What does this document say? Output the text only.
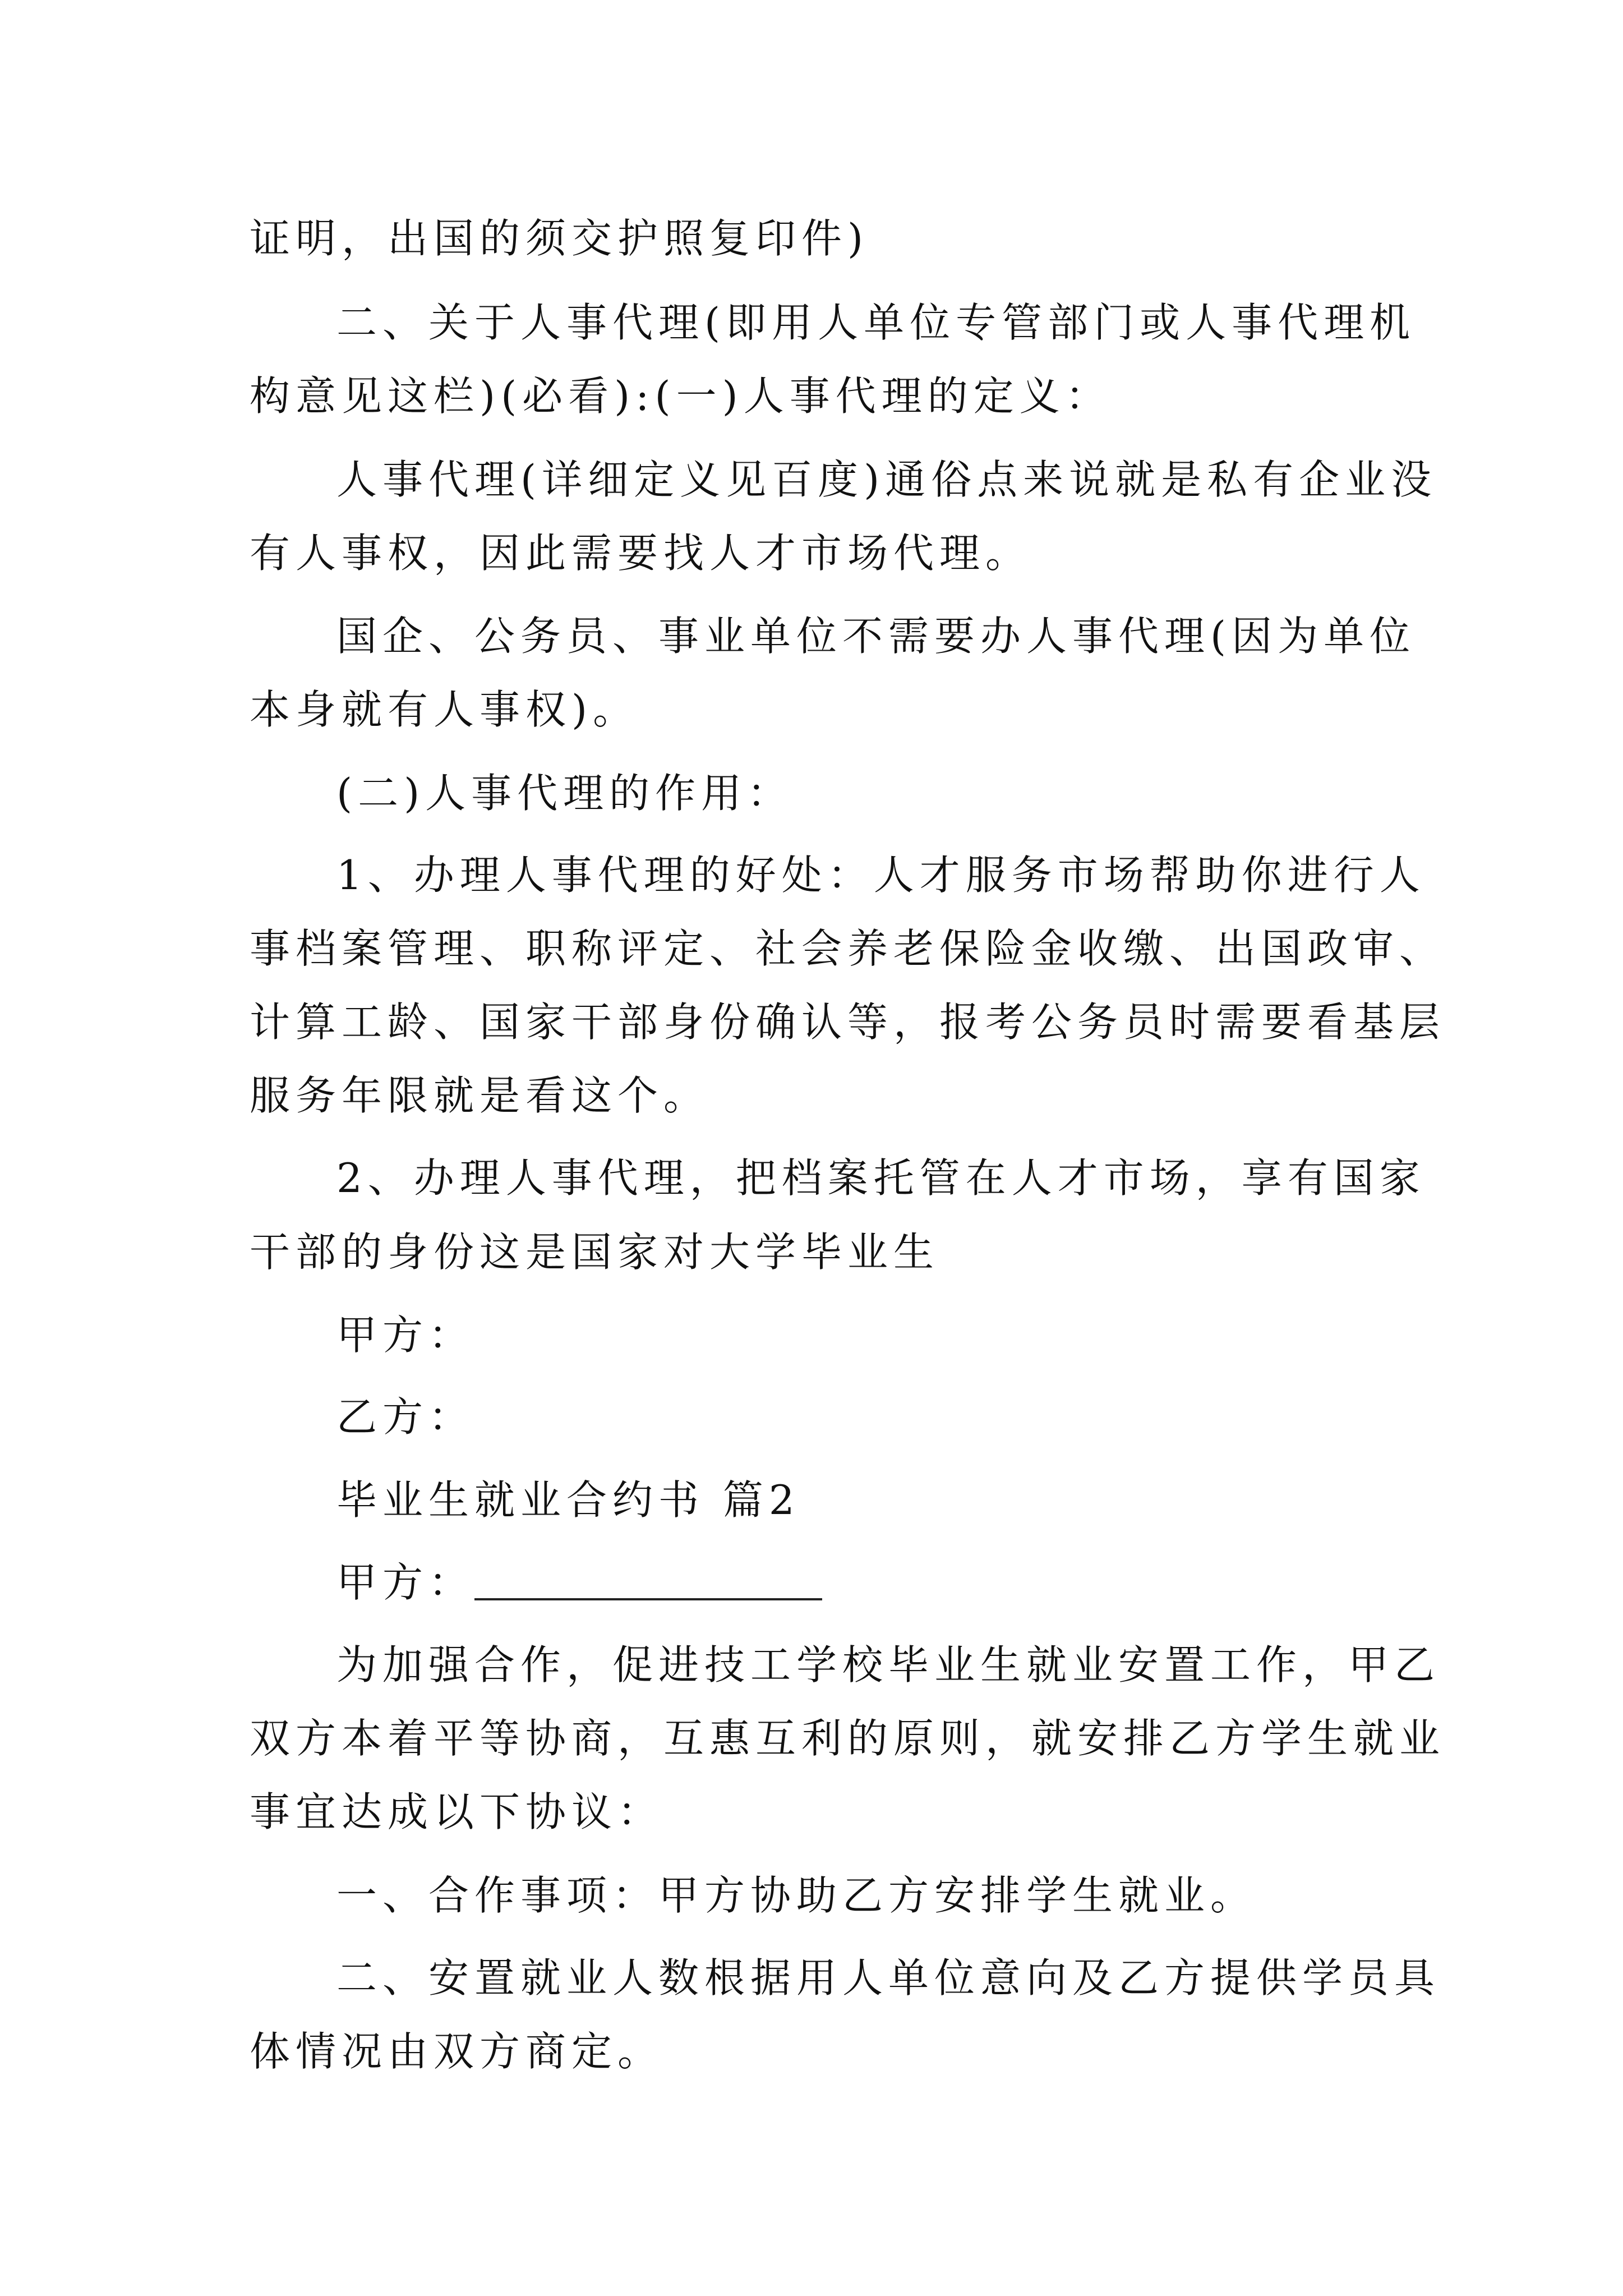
证明，出国的须交护照复印件)

二、关于人事代理(即用人单位专管部门或人事代理机

构意见这栏)(必看):(一)人事代理的定义：

人事代理(详细定义见百度)通俗点来说就是私有企业没

有人事权，因此需要找人才市场代理。

国企、公务员、事业单位不需要办人事代理(因为单位

本身就有人事权)。

(二)人事代理的作用：

1、办理人事代理的好处：人才服务市场帮助你进行人

事档案管理、职称评定、社会养老保险金收缴、出国政审、

计算工龄、国家干部身份确认等，报考公务员时需要看基层

服务年限就是看这个。

2、办理人事代理，把档案托管在人才市场，享有国家

干部的身份这是国家对大学毕业生

甲方：

乙方：

毕业生就业合约书 篇2

甲方：

为加强合作，促进技工学校毕业生就业安置工作，甲乙

双方本着平等协商，互惠互利的原则，就安排乙方学生就业

事宜达成以下协议：

一、合作事项：甲方协助乙方安排学生就业。

二、安置就业人数根据用人单位意向及乙方提供学员具

体情况由双方商定。
